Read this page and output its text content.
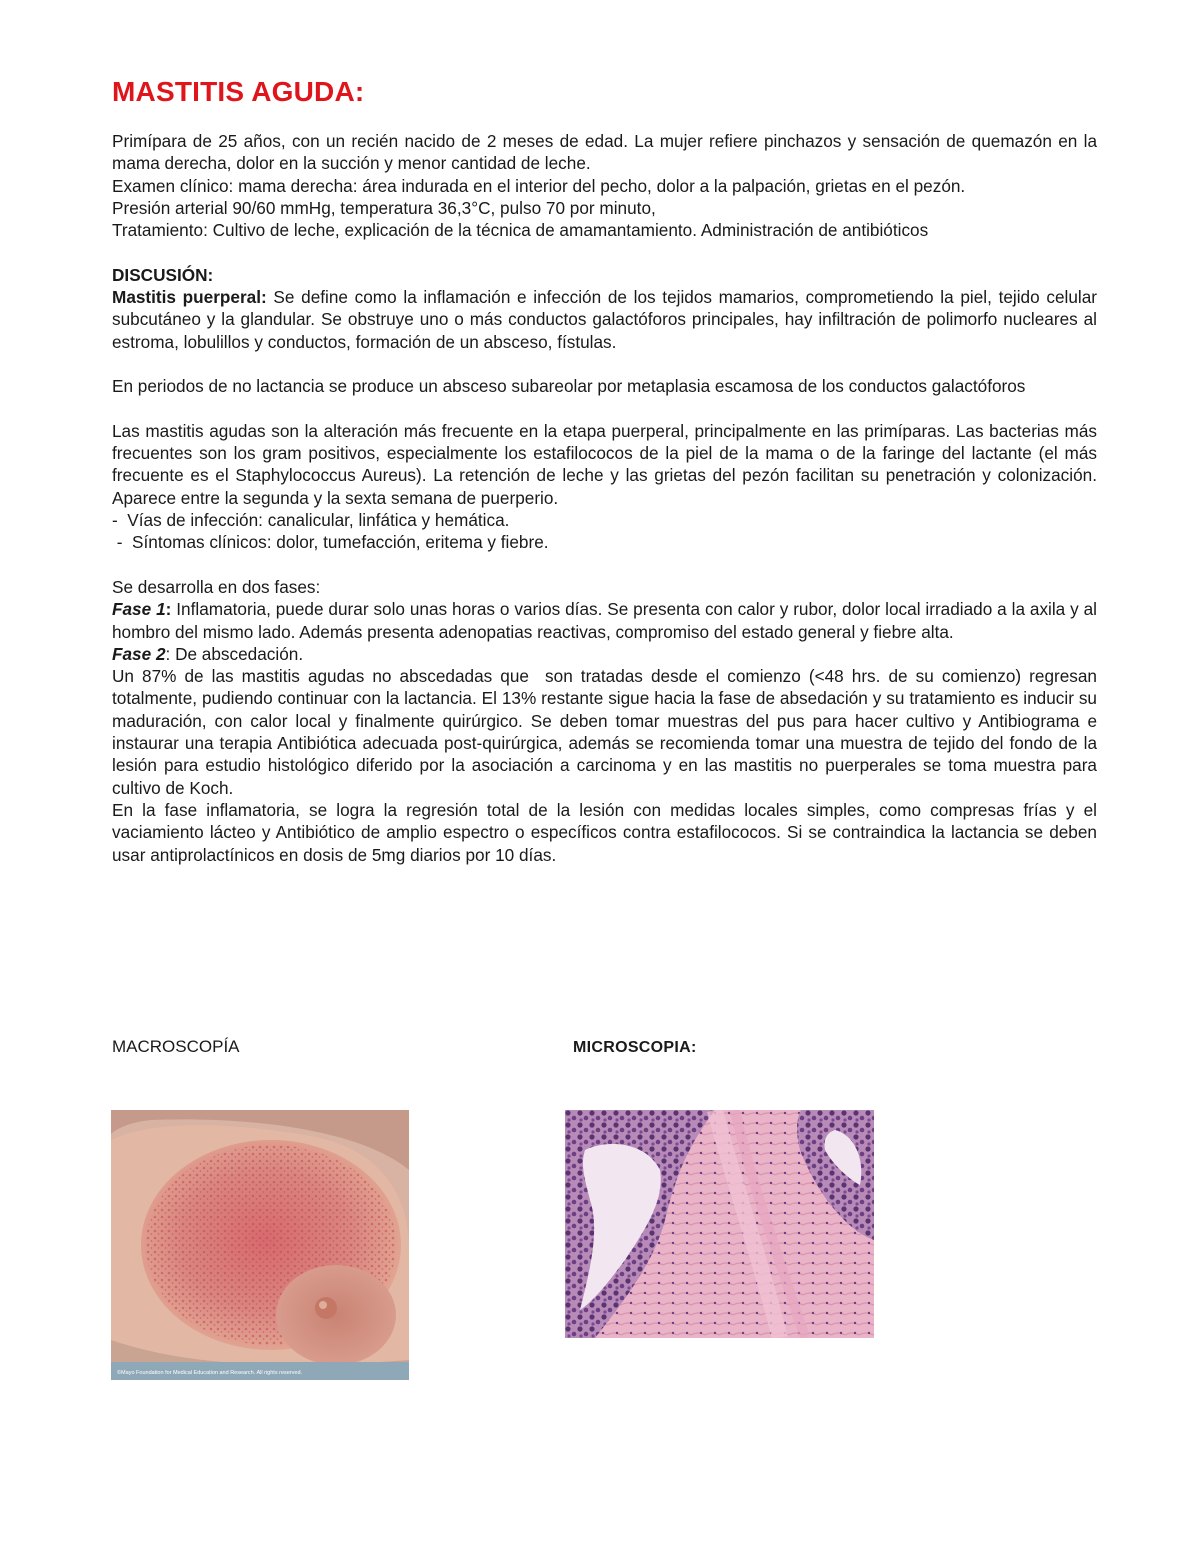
MASTITIS AGUDA:

Primípara de 25 años, con un recién nacido de 2 meses de edad. La mujer refiere pinchazos y sensación de quemazón en la mama derecha, dolor en la succión y menor cantidad de leche.

Examen clínico: mama derecha: área indurada en el interior del pecho, dolor a la palpación, grietas en el pezón.

Presión arterial 90/60 mmHg, temperatura 36,3°C, pulso 70 por minuto,

Tratamiento: Cultivo de leche, explicación de la técnica de amamantamiento. Administración de antibióticos

DISCUSIÓN:

Mastitis puerperal: Se define como la inflamación e infección de los tejidos mamarios, comprometiendo la piel, tejido celular subcutáneo y la glandular. Se obstruye uno o más conductos galactóforos principales, hay infiltración de polimorfo nucleares al estroma, lobulillos y conductos, formación de un absceso, fístulas.

En periodos de no lactancia se produce un absceso subareolar por metaplasia escamosa de los conductos galactóforos

Las mastitis agudas son la alteración más frecuente en la etapa puerperal, principalmente en las primíparas. Las bacterias más frecuentes son los gram positivos, especialmente los estafilococos de la piel de la mama o de la faringe del lactante (el más frecuente es el Staphylococcus Aureus). La retención de leche y las grietas del pezón facilitan su penetración y colonización. Aparece entre la segunda y la sexta semana de puerperio.

-  Vías de infección: canalicular, linfática y hemática.

-  Síntomas clínicos: dolor, tumefacción, eritema y fiebre.

Se desarrolla en dos fases:

Fase 1: Inflamatoria, puede durar solo unas horas o varios días. Se presenta con calor y rubor, dolor local irradiado a la axila y al hombro del mismo lado. Además presenta adenopatias reactivas, compromiso del estado general y fiebre alta.

Fase 2: De abscedación.

Un 87% de las mastitis agudas no abscedadas que  son tratadas desde el comienzo (<48 hrs. de su comienzo) regresan totalmente, pudiendo continuar con la lactancia. El 13% restante sigue hacia la fase de absedación y su tratamiento es inducir su maduración, con calor local y finalmente quirúrgico. Se deben tomar muestras del pus para hacer cultivo y Antibiograma e instaurar una terapia Antibiótica adecuada post-quirúrgica, además se recomienda tomar una muestra de tejido del fondo de la lesión para estudio histológico diferido por la asociación a carcinoma y en las mastitis no puerperales se toma muestra para cultivo de Koch.

En la fase inflamatoria, se logra la regresión total de la lesión con medidas locales simples, como compresas frías y el vaciamiento lácteo y Antibiótico de amplio espectro o específicos contra estafilococos. Si se contraindica la lactancia se deben usar antiprolactínicos en dosis de 5mg diarios por 10 días.

MACROSCOPÍA	MICROSCOPIA:
©Mayo Foundation for Medical Education and Research. All rights reserved.
